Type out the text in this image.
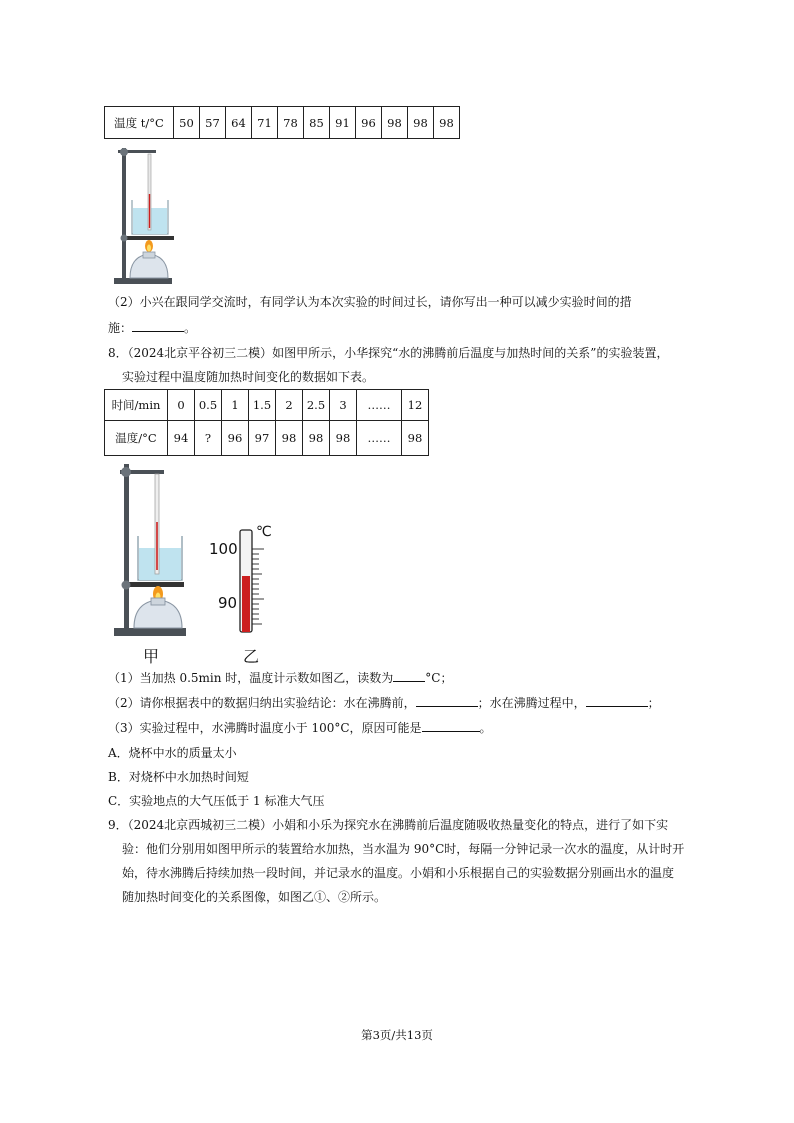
温度 t/°C	50	57	64	71	78	85	91	96	98	98	98
（2）小兴在跟同学交流时，有同学认为本次实验的时间过长，请你写出一种可以减少实验时间的措
施：	。
8．（2024北京平谷初三二模）如图甲所示，小华探究“水的沸腾前后温度与加热时间的关系”的实验装置，
实验过程中温度随加热时间变化的数据如下表。
时间/min	0	0.5	1	1.5	2	2.5	3	……	12
温度/°C	94	?	96	97	98	98	98	……	98
甲
100
90
℃
乙
（1）当加热 0.5min 时，温度计示数如图乙，读数为	°C；
（2）请你根据表中的数据归纳出实验结论：水在沸腾前，	；水在沸腾过程中，	；
（3）实验过程中，水沸腾时温度小于 100°C，原因可能是	。
A．烧杯中水的质量太小
B．对烧杯中水加热时间短
C．实验地点的大气压低于 1 标准大气压
9．（2024北京西城初三二模）小娟和小乐为探究水在沸腾前后温度随吸收热量变化的特点，进行了如下实
验：他们分别用如图甲所示的装置给水加热，当水温为 90°C时，每隔一分钟记录一次水的温度，从计时开
始，待水沸腾后持续加热一段时间，并记录水的温度。小娟和小乐根据自己的实验数据分别画出水的温度
随加热时间变化的关系图像，如图乙①、②所示。
第3页/共13页
